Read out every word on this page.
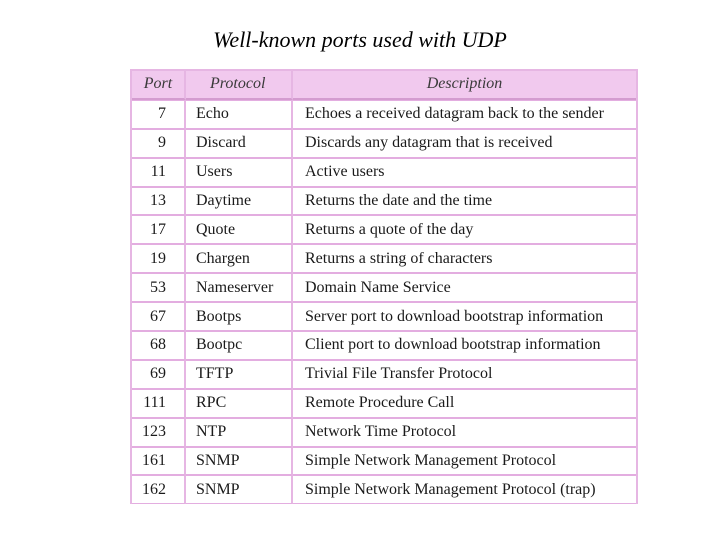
Well-known ports used with UDP
Port	Protocol	Description
7	Echo	Echoes a received datagram back to the sender
9	Discard	Discards any datagram that is received
11	Users	Active users
13	Daytime	Returns the date and the time
17	Quote	Returns a quote of the day
19	Chargen	Returns a string of characters
53	Nameserver	Domain Name Service
67	Bootps	Server port to download bootstrap information
68	Bootpc	Client port to download bootstrap information
69	TFTP	Trivial File Transfer Protocol
111	RPC	Remote Procedure Call
123	NTP	Network Time Protocol
161	SNMP	Simple Network Management Protocol
162	SNMP	Simple Network Management Protocol (trap)
